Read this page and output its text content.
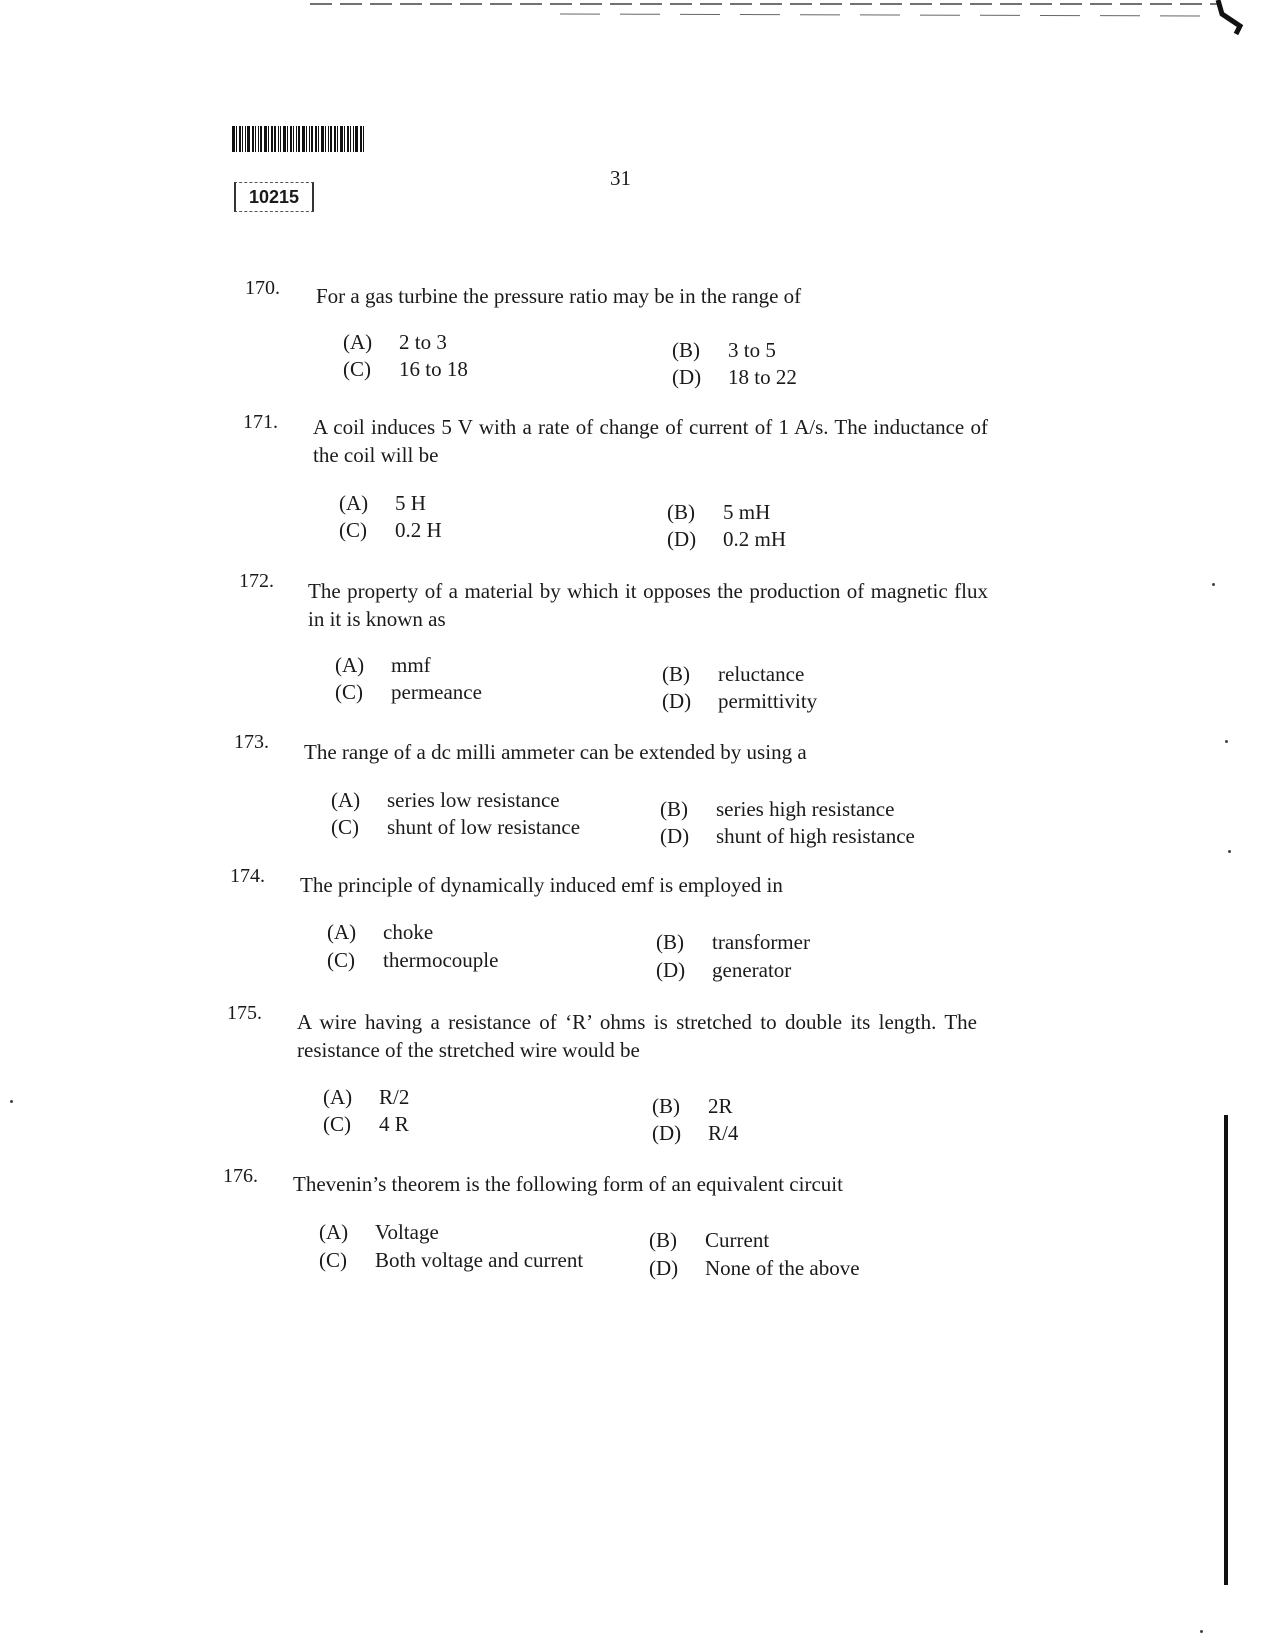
10215
31
170. For a gas turbine the pressure ratio may be in the range of
(A) 2 to 3	(B) 3 to 5
(C) 16 to 18	(D) 18 to 22
171. A coil induces 5 V with a rate of change of current of 1 A/s. The inductance of the coil will be
(A) 5 H	(B) 5 mH
(C) 0.2 H	(D) 0.2 mH
172. The property of a material by which it opposes the production of magnetic flux in it is known as
(A) mmf	(B) reluctance
(C) permeance	(D) permittivity
173. The range of a dc milli ammeter can be extended by using a
(A) series low resistance	(B) series high resistance
(C) shunt of low resistance	(D) shunt of high resistance
174. The principle of dynamically induced emf is employed in
(A) choke	(B) transformer
(C) thermocouple	(D) generator
175. A wire having a resistance of ‘R’ ohms is stretched to double its length. The resistance of the stretched wire would be
(A) R/2	(B) 2R
(C) 4 R	(D) R/4
176. Thevenin’s theorem is the following form of an equivalent circuit
(A) Voltage	(B) Current
(C) Both voltage and current	(D) None of the above
